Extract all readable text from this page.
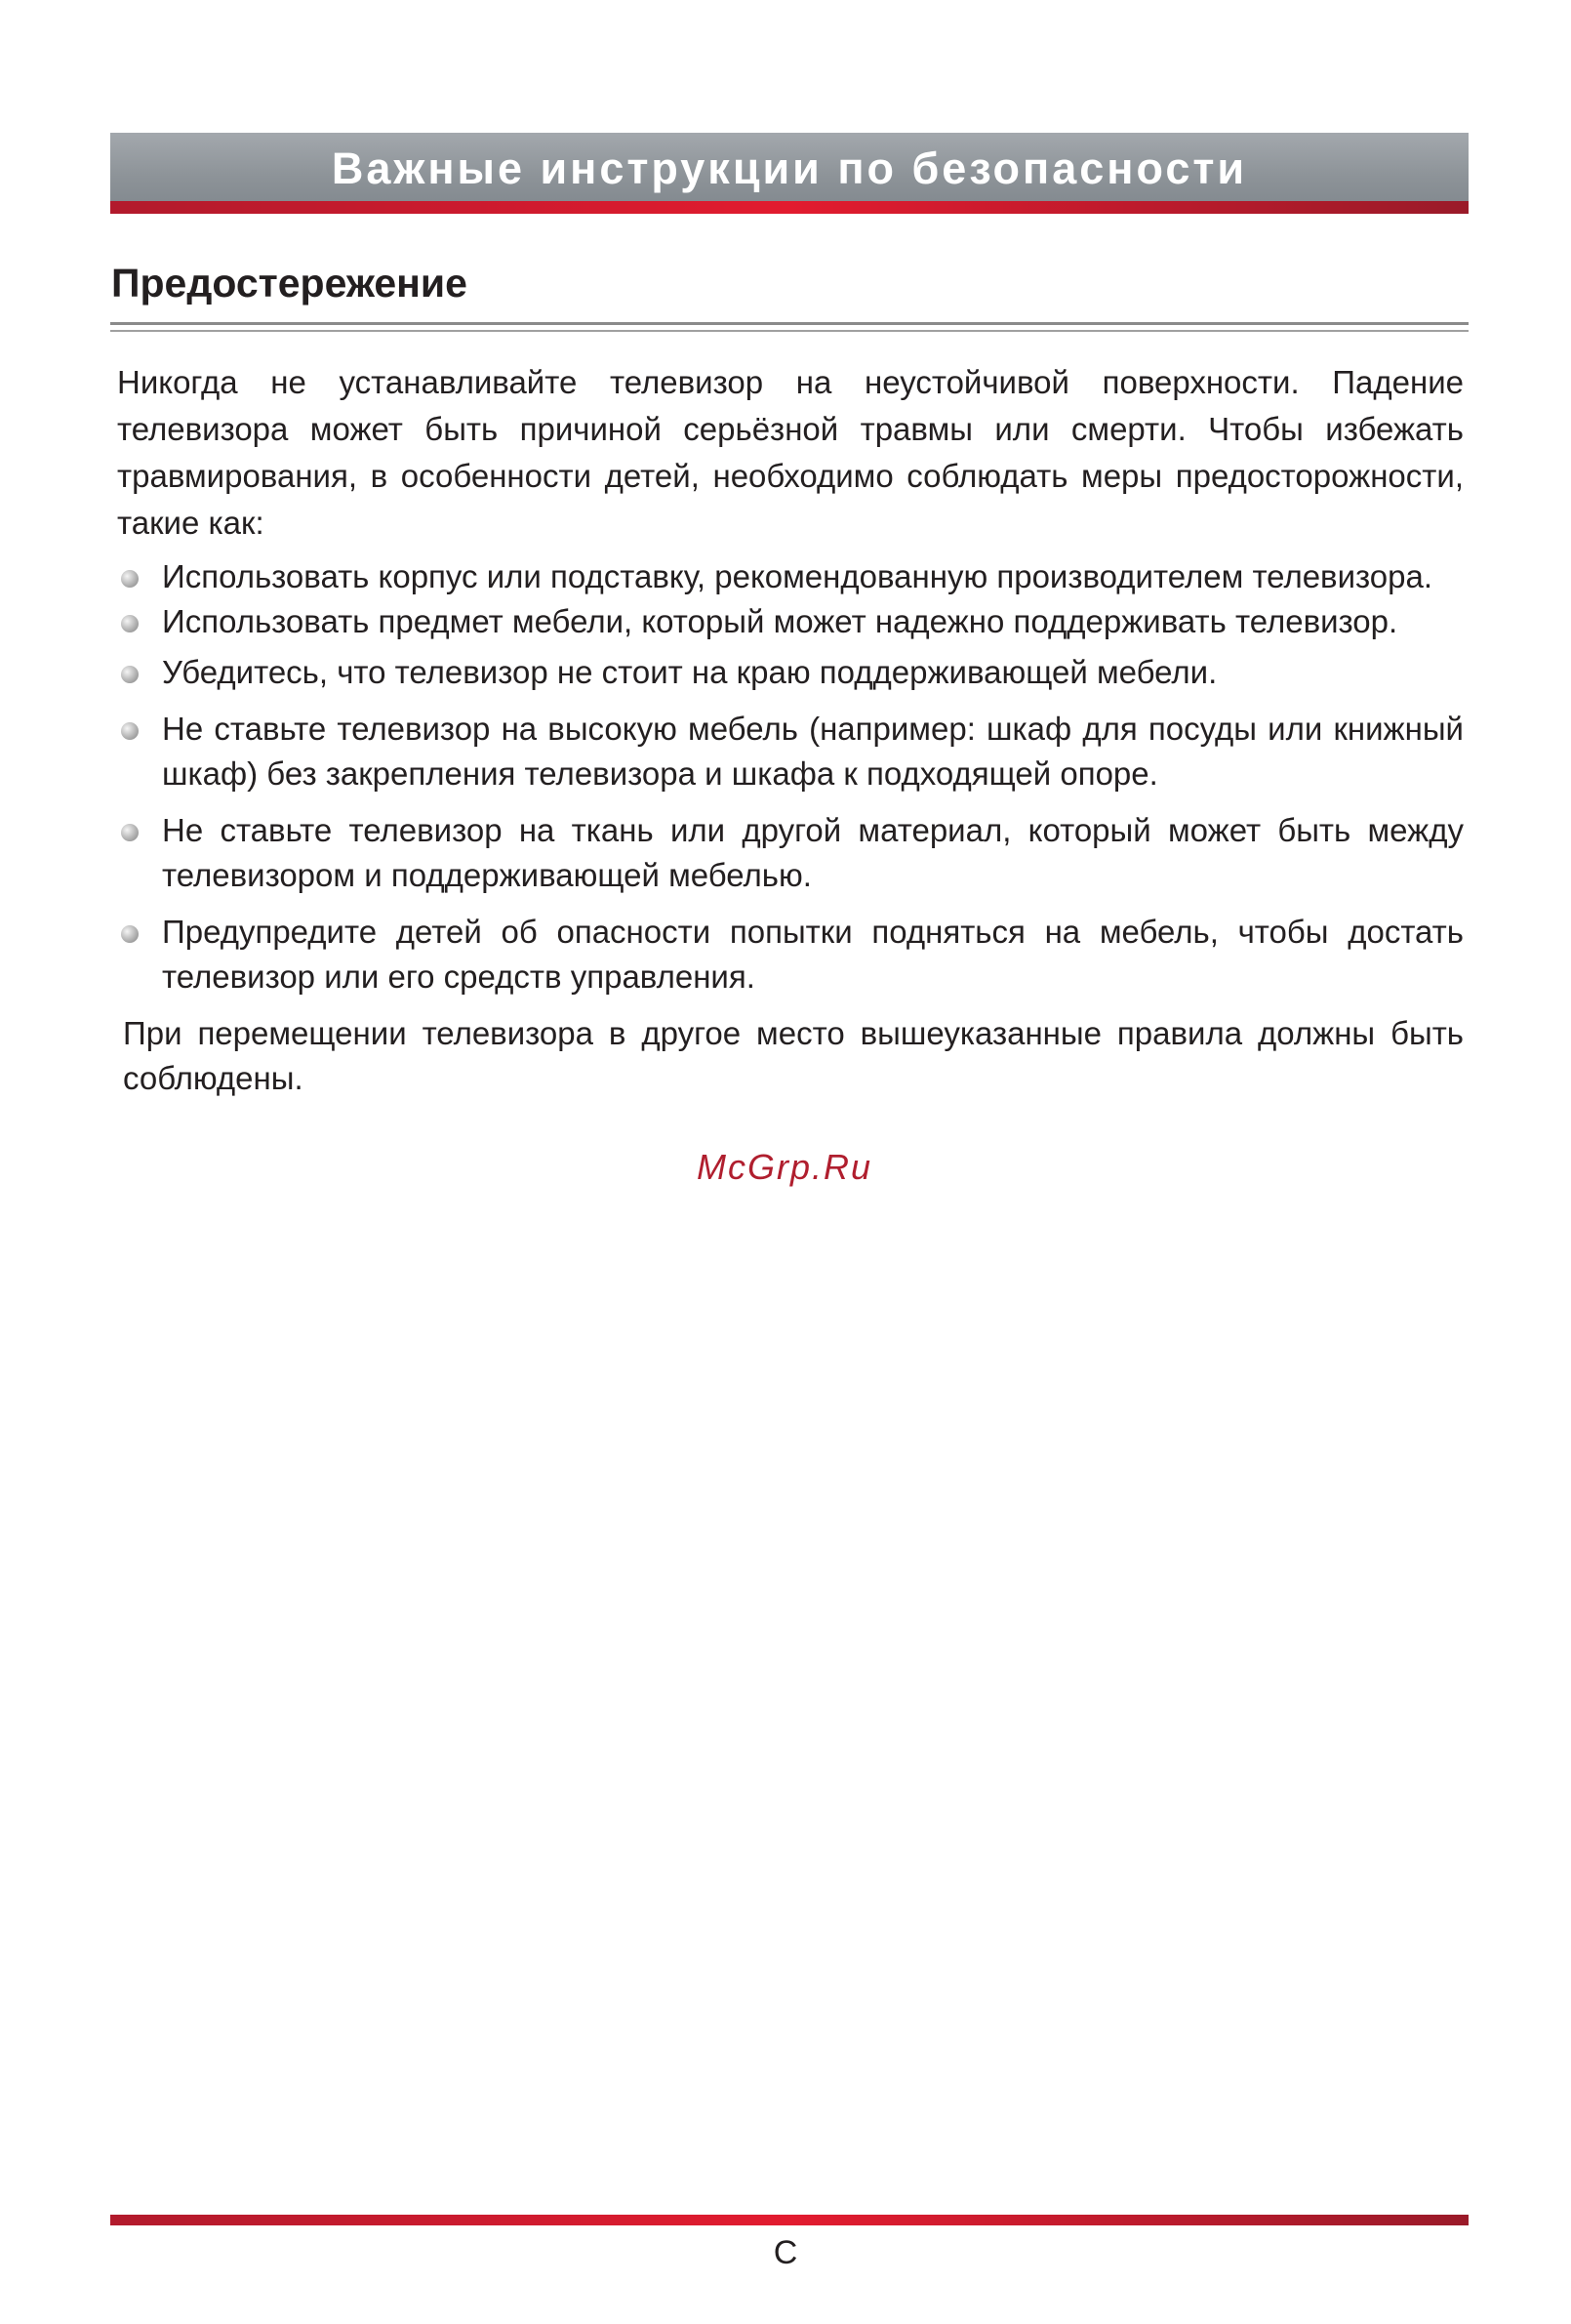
Важные инструкции по безопасности
Предостережение

Никогда не устанавливайте телевизор на неустойчивой поверхности. Падение телевизора может быть причиной серьёзной травмы или смерти. Чтобы избежать травмирования, в особенности детей, необходимо соблюдать меры предосторожности, такие как:

Использовать корпус или подставку, рекомендованную производителем телевизора.
Использовать предмет мебели, который может надежно поддерживать телевизор.
Убедитесь, что телевизор не стоит на краю поддерживающей мебели.
Не ставьте телевизор на высокую мебель (например: шкаф для посуды или книжный шкаф) без закрепления телевизора и шкафа к подходящей опоре.
Не ставьте телевизор на ткань или другой материал, который может быть между телевизором и поддерживающей мебелью.
Предупредите детей об опасности попытки подняться на мебель, чтобы достать телевизор или его средств управления.

При перемещении телевизора в другое место вышеуказанные правила должны быть соблюдены.

McGrp.Ru
C
